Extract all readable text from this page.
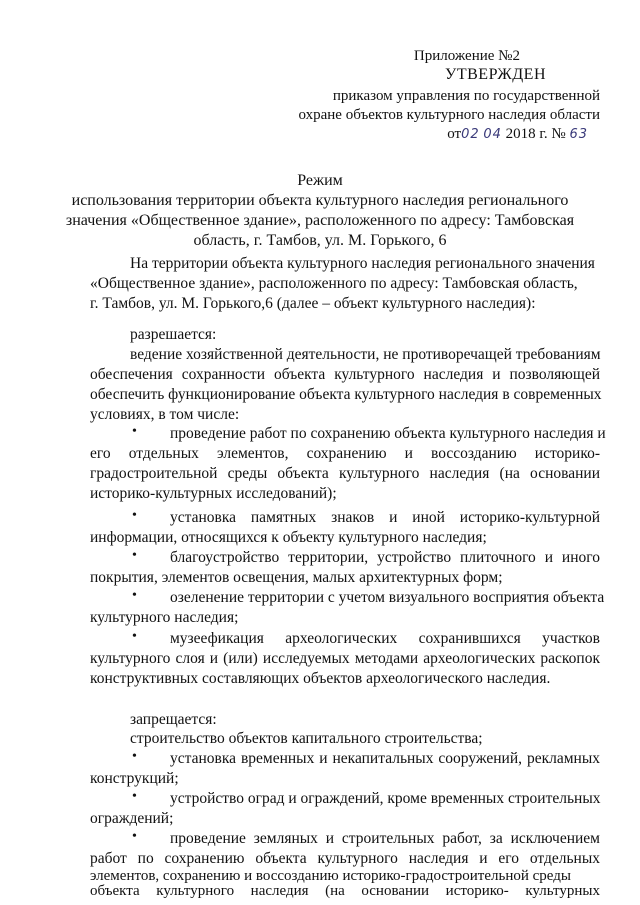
Приложение №2
УТВЕРЖДЕН
приказом управления по государственной
охране объектов культурного наследия области
от02 04 2018 г. № 63
Режим
использования территории объекта культурного наследия регионального
значения «Общественное здание», расположенного по адресу: Тамбовская
область, г. Тамбов, ул. М. Горького, 6
На территории объекта культурного наследия регионального значения
«Общественное здание», расположенного по адресу: Тамбовская область,
г. Тамбов, ул. М. Горького,6 (далее – объект культурного наследия):
разрешается:
ведение хозяйственной деятельности, не противоречащей требованиям
обеспечения сохранности объекта культурного наследия и позволяющей
обеспечить функционирование объекта культурного наследия в современных
условиях, в том числе:
• проведение работ по сохранению объекта культурного наследия и
его отдельных элементов, сохранению и воссозданию историко-
градостроительной среды объекта культурного наследия (на основании
историко-культурных исследований);
• установка памятных знаков и иной историко-культурной
информации, относящихся к объекту культурного наследия;
• благоустройство территории, устройство плиточного и иного
покрытия, элементов освещения, малых архитектурных форм;
• озеленение территории с учетом визуального восприятия объекта
культурного наследия;
• музеефикация археологических сохранившихся участков
культурного слоя и (или) исследуемых методами археологических раскопок
конструктивных составляющих объектов археологического наследия.
запрещается:
строительство объектов капитального строительства;
• установка временных и некапитальных сооружений, рекламных
конструкций;
• устройство оград и ограждений, кроме временных строительных
ограждений;
• проведение земляных и строительных работ, за исключением
работ по сохранению объекта культурного наследия и его отдельных
элементов, сохранению и воссозданию историко-градостроительной среды
объекта культурного наследия (на основании историко- культурных
